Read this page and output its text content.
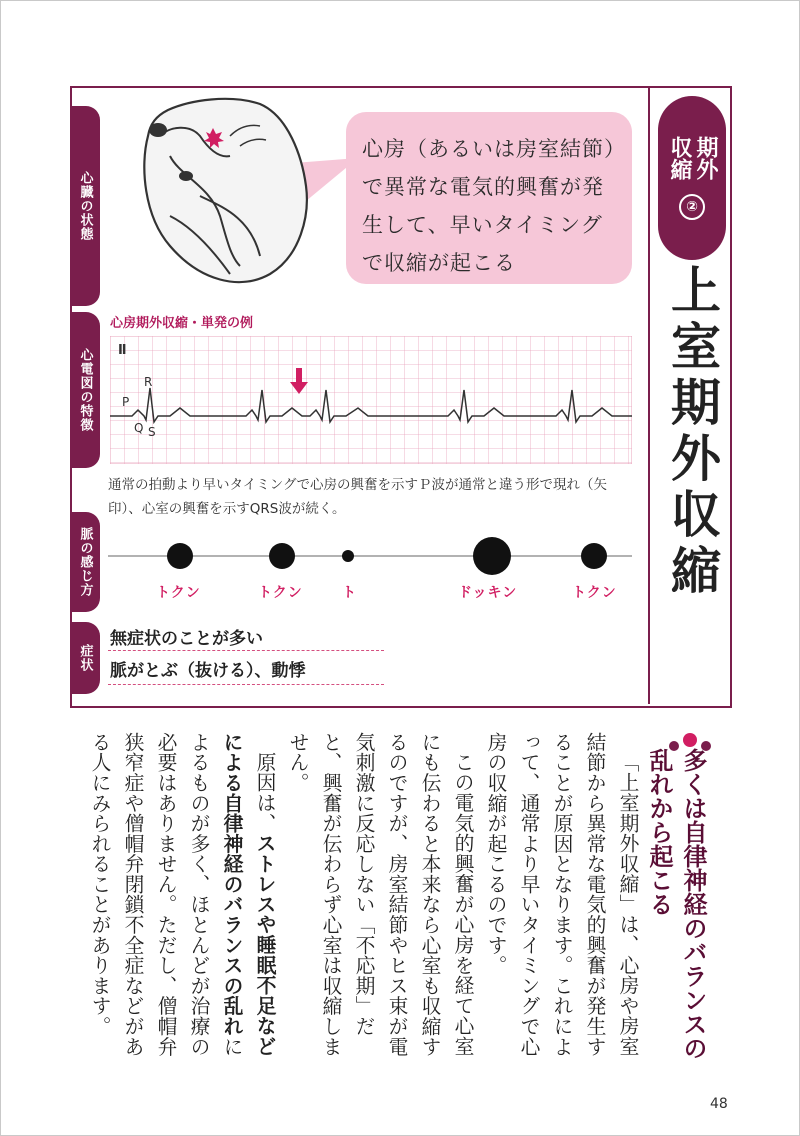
心臓の状態
心電図の特徴
脈の感じ方
症状
期外収縮
②
上室期外収縮
心房（あるいは房室結節）で異常な電気的興奮が発生して、早いタイミングで収縮が起こる
心房期外収縮・単発の例
Ⅱ
R
P
Q S
通常の拍動より早いタイミングで心房の興奮を示すＰ波が通常と違う形で現れ（矢印）、心室の興奮を示すQRS波が続く。
トクン	トクン	ト	ドッキン	トクン
無症状のことが多い
脈がとぶ（抜ける）、動悸
多くは自律神経のバランスの乱れから起こる

「上室期外収縮」は、心房や房室結節から異常な電気的興奮が発生することが原因となります。これによって、通常より早いタイミングで心房の収縮が起こるのです。

この電気的興奮が心房を経て心室にも伝わると本来なら心室も収縮するのですが、房室結節やヒス束が電気刺激に反応しない「不応期」だと、興奮が伝わらず心室は収縮しません。

原因は、ストレスや睡眠不足などによる自律神経のバランスの乱れによるものが多く、ほとんどが治療の必要はありません。ただし、僧帽弁狭窄症や僧帽弁閉鎖不全症などがある人にみられることがあります。

48
